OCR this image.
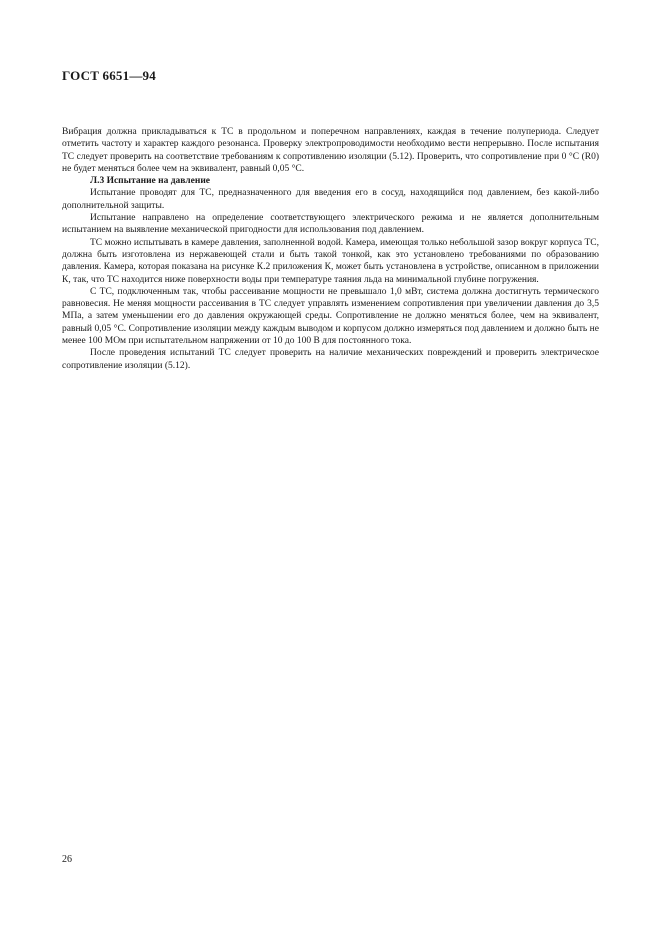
ГОСТ 6651—94

Вибрация должна прикладываться к ТС в продольном и поперечном направлениях, каждая в течение полупериода. Следует отметить частоту и характер каждого резонанса. Проверку электропроводимости необходимо вести непрерывно. После испытания ТС следует проверить на соответствие требованиям к сопротивлению изоляции (5.12). Проверить, что сопротивление при 0 °С (R0) не будет меняться более чем на эквивалент, равный 0,05 °С.

Л.3 Испытание на давление

Испытание проводят для ТС, предназначенного для введения его в сосуд, находящийся под давлением, без какой-либо дополнительной защиты.

Испытание направлено на определение соответствующего электрического режима и не является дополнительным испытанием на выявление механической пригодности для использования под давлением.

ТС можно испытывать в камере давления, заполненной водой. Камера, имеющая только небольшой зазор вокруг корпуса ТС, должна быть изготовлена из нержавеющей стали и быть такой тонкой, как это установлено требованиями по образованию давления. Камера, которая показана на рисунке К.2 приложения К, может быть установлена в устройстве, описанном в приложении К, так, что ТС находится ниже поверхности воды при температуре таяния льда на минимальной глубине погружения.

С ТС, подключенным так, чтобы рассеивание мощности не превышало 1,0 мВт, система должна достигнуть термического равновесия. Не меняя мощности рассеивания в ТС следует управлять изменением сопротивления при увеличении давления до 3,5 МПа, а затем уменьшении его до давления окружающей среды. Сопротивление не должно меняться более, чем на эквивалент, равный 0,05 °С. Сопротивление изоляции между каждым выводом и корпусом должно измеряться под давлением и должно быть не менее 100 МОм при испытательном напряжении от 10 до 100 В для постоянного тока.

После проведения испытаний ТС следует проверить на наличие механических повреждений и проверить электрическое сопротивление изоляции (5.12).

26
